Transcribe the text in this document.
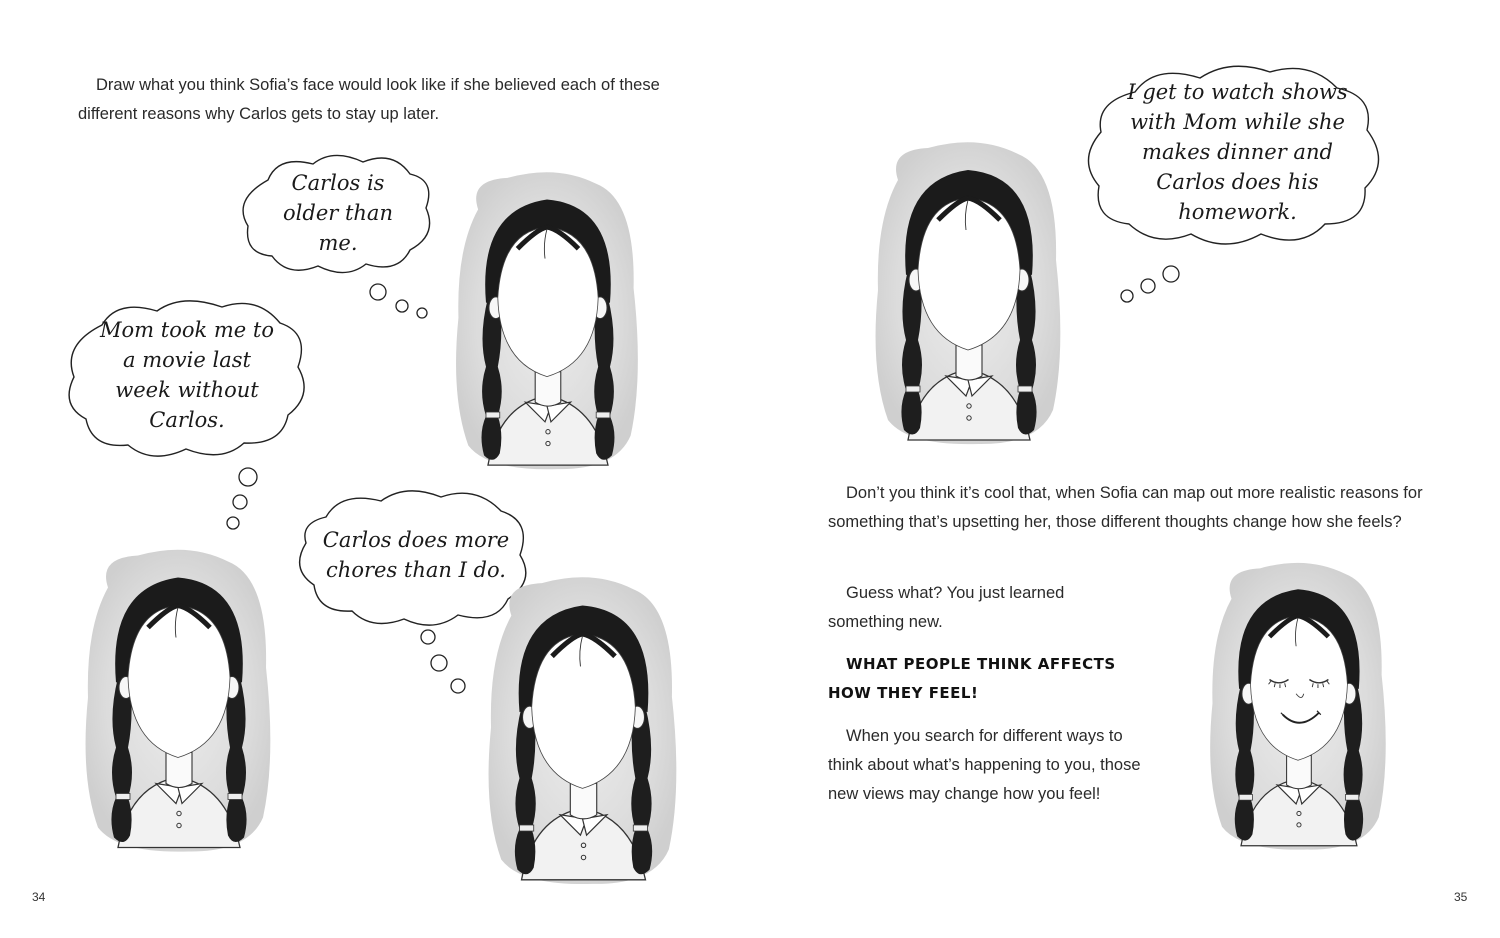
Draw what you think Sofia’s face would look like if she believed each of these different reasons why Carlos gets to stay up later.

Carlos is older than me.
Mom took me to a movie last week without Carlos.
Carlos does more chores than I do.
34
I get to watch shows with Mom while she makes dinner and Carlos does his homework.

Don’t you think it’s cool that, when Sofia can map out more realistic reasons for something that’s upsetting her, those different thoughts change how she feels?

Guess what? You just learned something new.

WHAT PEOPLE THINK AFFECTS HOW THEY FEEL!

When you search for different ways to think about what’s happening to you, those new views may change how you feel!

35
